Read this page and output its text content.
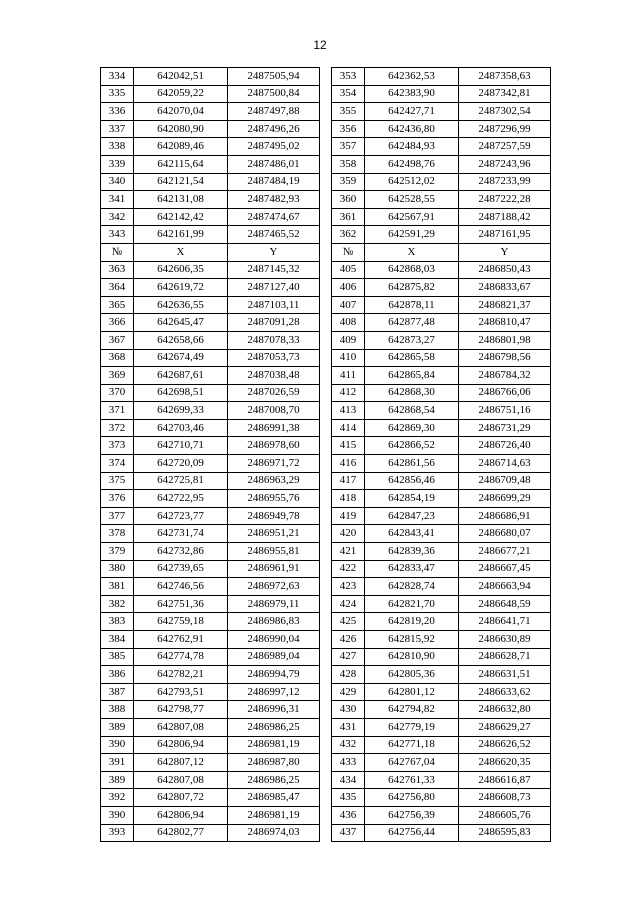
12
334	642042,51	2487505,94		353	642362,53	2487358,63
335	642059,22	2487500,84		354	642383,90	2487342,81
336	642070,04	2487497,88		355	642427,71	2487302,54
337	642080,90	2487496,26		356	642436,80	2487296,99
338	642089,46	2487495,02		357	642484,93	2487257,59
339	642115,64	2487486,01		358	642498,76	2487243,96
340	642121,54	2487484,19		359	642512,02	2487233,99
341	642131,08	2487482,93		360	642528,55	2487222,28
342	642142,42	2487474,67		361	642567,91	2487188,42
343	642161,99	2487465,52		362	642591,29	2487161,95
№	X	Y		№	X	Y
363	642606,35	2487145,32		405	642868,03	2486850,43
364	642619,72	2487127,40		406	642875,82	2486833,67
365	642636,55	2487103,11		407	642878,11	2486821,37
366	642645,47	2487091,28		408	642877,48	2486810,47
367	642658,66	2487078,33		409	642873,27	2486801,98
368	642674,49	2487053,73		410	642865,58	2486798,56
369	642687,61	2487038,48		411	642865,84	2486784,32
370	642698,51	2487026,59		412	642868,30	2486766,06
371	642699,33	2487008,70		413	642868,54	2486751,16
372	642703,46	2486991,38		414	642869,30	2486731,29
373	642710,71	2486978,60		415	642866,52	2486726,40
374	642720,09	2486971,72		416	642861,56	2486714,63
375	642725,81	2486963,29		417	642856,46	2486709,48
376	642722,95	2486955,76		418	642854,19	2486699,29
377	642723,77	2486949,78		419	642847,23	2486686,91
378	642731,74	2486951,21		420	642843,41	2486680,07
379	642732,86	2486955,81		421	642839,36	2486677,21
380	642739,65	2486961,91		422	642833,47	2486667,45
381	642746,56	2486972,63		423	642828,74	2486663,94
382	642751,36	2486979,11		424	642821,70	2486648,59
383	642759,18	2486986,83		425	642819,20	2486641,71
384	642762,91	2486990,04		426	642815,92	2486630,89
385	642774,78	2486989,04		427	642810,90	2486628,71
386	642782,21	2486994,79		428	642805,36	2486631,51
387	642793,51	2486997,12		429	642801,12	2486633,62
388	642798,77	2486996,31		430	642794,82	2486632,80
389	642807,08	2486986,25		431	642779,19	2486629,27
390	642806,94	2486981,19		432	642771,18	2486626,52
391	642807,12	2486987,80		433	642767,04	2486620,35
389	642807,08	2486986,25		434	642761,33	2486616,87
392	642807,72	2486985,47		435	642756,80	2486608,73
390	642806,94	2486981,19		436	642756,39	2486605,76
393	642802,77	2486974,03		437	642756,44	2486595,83
